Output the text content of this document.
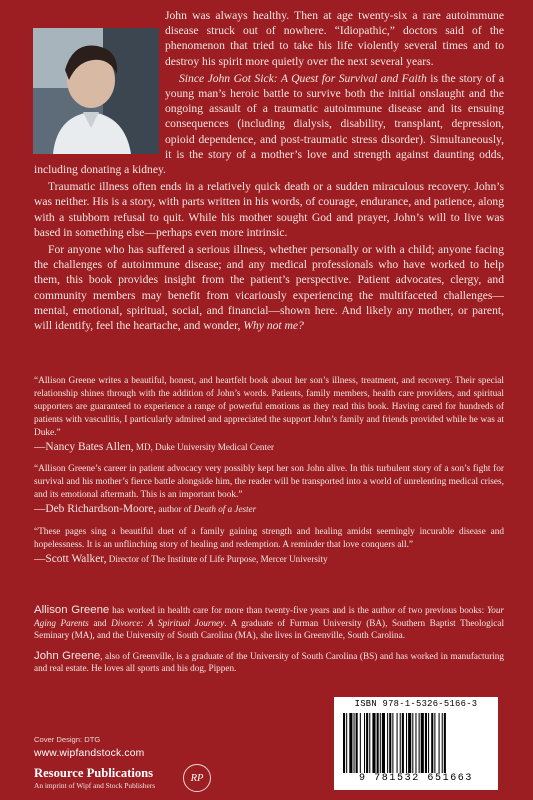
John was always healthy. Then at age twenty-six a rare autoimmune disease struck out of nowhere. “Idiopathic,” doctors said of the phenomenon that tried to take his life violently several times and to destroy his spirit more quietly over the next several years.

Since John Got Sick: A Quest for Survival and Faith is the story of a young man’s heroic battle to survive both the initial onslaught and the ongoing assault of a traumatic autoimmune disease and its ensuing consequences (including dialysis, disability, transplant, depression, opioid dependence, and post-traumatic stress disorder). Simultaneously, it is the story of a mother’s love and strength against daunting odds, including donating a kidney.

Traumatic illness often ends in a relatively quick death or a sudden miraculous recovery. John’s was neither. His is a story, with parts written in his words, of courage, endurance, and patience, along with a stubborn refusal to quit. While his mother sought God and prayer, John’s will to live was based in something else—perhaps even more intrinsic.

For anyone who has suffered a serious illness, whether personally or with a child; anyone facing the challenges of autoimmune disease; and any medical professionals who have worked to help them, this book provides insight from the patient’s perspective. Patient advocates, clergy, and community members may benefit from vicariously experiencing the multifaceted challenges—mental, emotional, spiritual, social, and financial—shown here. And likely any mother, or parent, will identify, feel the heartache, and wonder, Why not me?

“Allison Greene writes a beautiful, honest, and heartfelt book about her son’s illness, treatment, and recovery. Their special relationship shines through with the addition of John’s words. Patients, family members, health care providers, and spiritual supporters are guaranteed to experience a range of powerful emotions as they read this book. Having cared for hundreds of patients with vasculitis, I particularly admired and appreciated the support John’s family and friends provided while he was at Duke.”
—Nancy Bates Allen, MD, Duke University Medical Center
“Allison Greene’s career in patient advocacy very possibly kept her son John alive. In this turbulent story of a son’s fight for survival and his mother’s fierce battle alongside him, the reader will be transported into a world of unrelenting medical crises, and its emotional aftermath. This is an important book.”
—Deb Richardson-Moore, author of Death of a Jester
“These pages sing a beautiful duet of a family gaining strength and healing amidst seemingly incurable disease and hopelessness. It is an unflinching story of healing and redemption. A reminder that love conquers all.”
—Scott Walker, Director of The Institute of Life Purpose, Mercer University
Allison Greene has worked in health care for more than twenty-five years and is the author of two previous books: Your Aging Parents and Divorce: A Spiritual Journey. A graduate of Furman University (BA), Southern Baptist Theological Seminary (MA), and the University of South Carolina (MA), she lives in Greenville, South Carolina.
John Greene, also of Greenville, is a graduate of the University of South Carolina (BS) and has worked in manufacturing and real estate. He loves all sports and his dog, Pippen.
Cover Design: DTG
www.wipfandstock.com
Resource Publications
An imprint of Wipf and Stock Publishers
RP
ISBN 978-1-5326-5166-3
9 781532 651663
